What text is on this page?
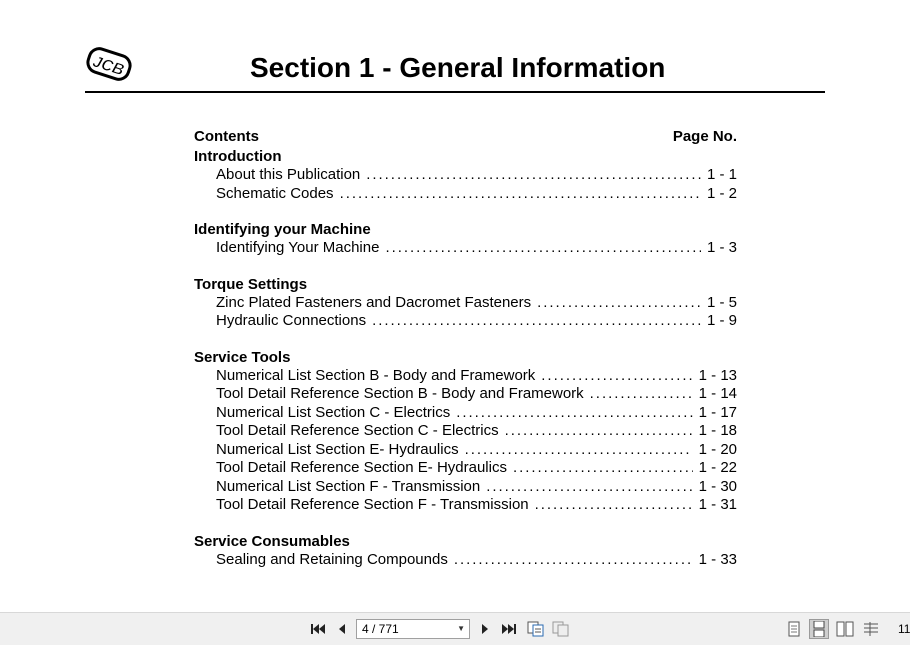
JCB	Section 1 - General Information
Contents	Page No.
Introduction
About this Publication . . .	1 - 1
Schematic Codes . . .	1 - 2
Identifying your Machine
Identifying Your Machine . . .	1 - 3
Torque Settings
Zinc Plated Fasteners and Dacromet Fasteners . . .	1 - 5
Hydraulic Connections . . .	1 - 9
Service Tools
Numerical List Section B - Body and Framework . . .	1 - 13
Tool Detail Reference Section B - Body and Framework . . .	1 - 14
Numerical List Section C - Electrics . . .	1 - 17
Tool Detail Reference Section C - Electrics . . .	1 - 18
Numerical List Section E- Hydraulics . . .	1 - 20
Tool Detail Reference Section E- Hydraulics . . .	1 - 22
Numerical List Section F - Transmission . . .	1 - 30
Tool Detail Reference Section F - Transmission . . .	1 - 31
Service Consumables
Sealing and Retaining Compounds . . .	1 - 33
4 / 771	▼	11
